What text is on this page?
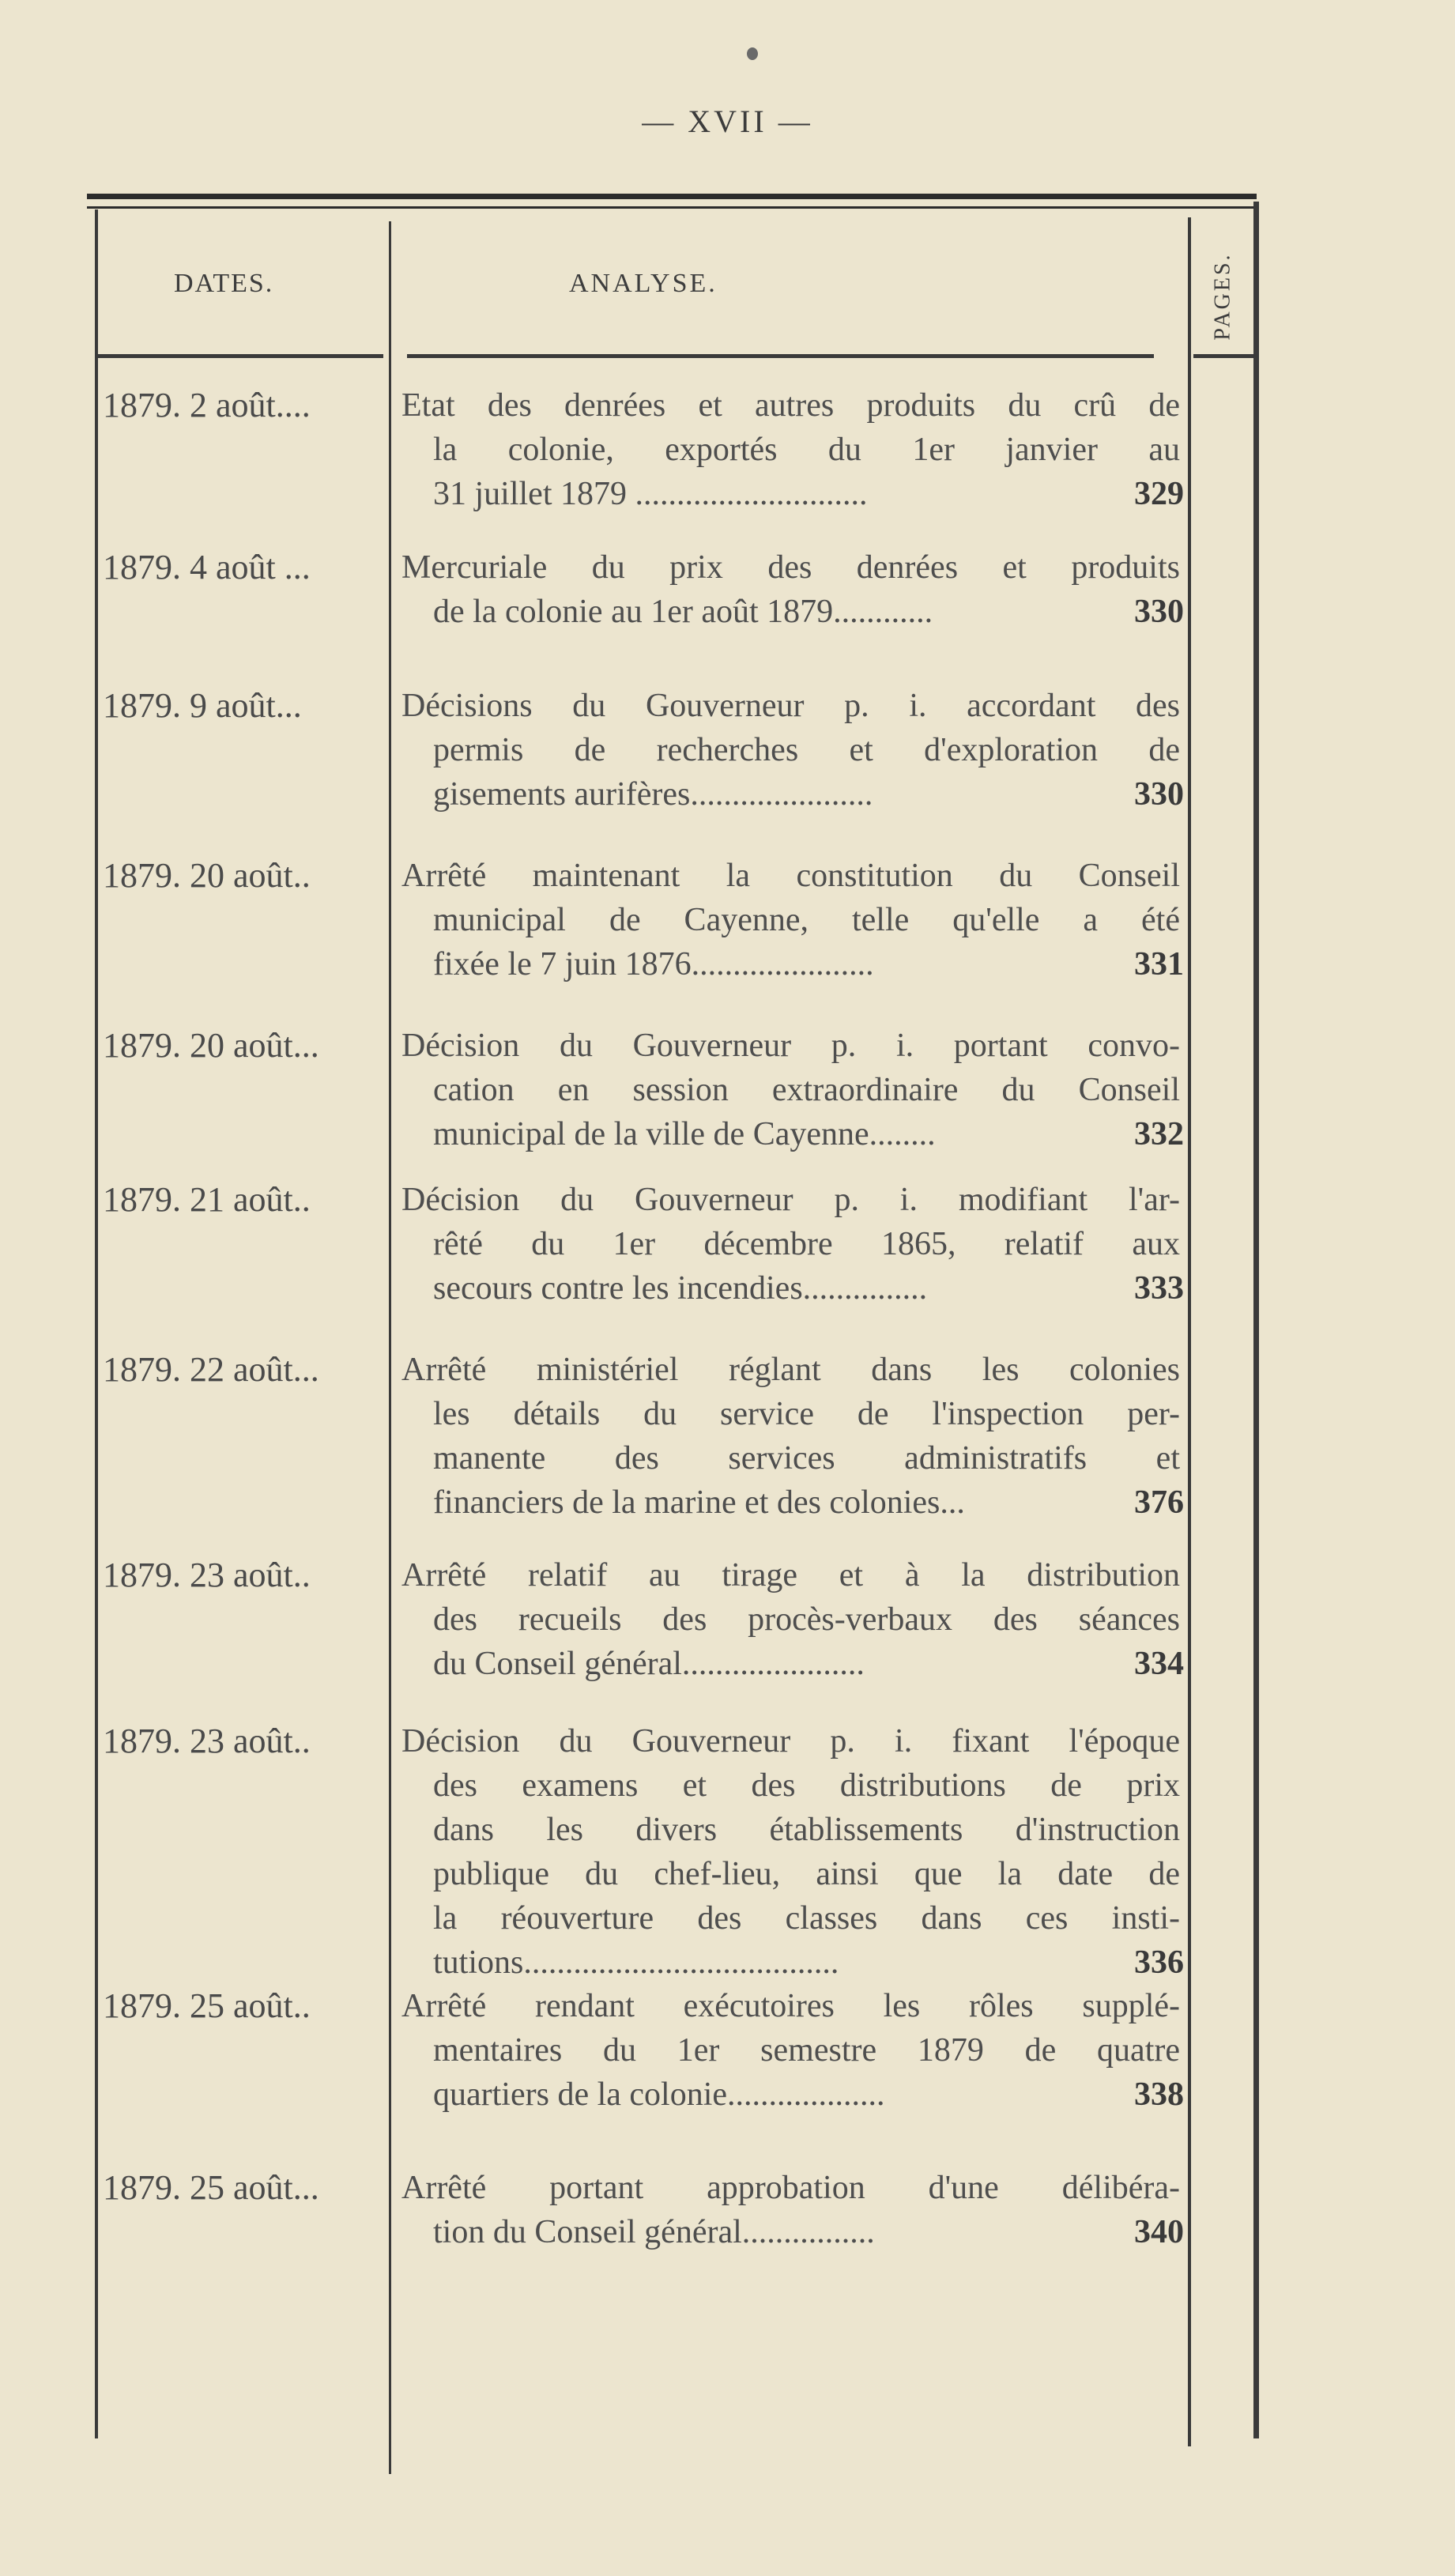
— XVII —
DATES.	ANALYSE.	PAGES.
1879. 2 août....	Etat des denrées et autres produits du crû de
la colonie, exportés du 1er janvier au
31 juillet 1879 ............................	329
1879. 4 août ...	Mercuriale du prix des denrées et produits
de la colonie au 1er août 1879............	330
1879. 9 août...	Décisions du Gouverneur p. i. accordant des
permis de recherches et d'exploration de
gisements aurifères......................	330
1879. 20 août..	Arrêté maintenant la constitution du Conseil
municipal de Cayenne, telle qu'elle a été
fixée le 7 juin 1876......................	331
1879. 20 août...	Décision du Gouverneur p. i. portant convo-
cation en session extraordinaire du Conseil
municipal de la ville de Cayenne........	332
1879. 21 août..	Décision du Gouverneur p. i. modifiant l'ar-
rêté du 1er décembre 1865, relatif aux
secours contre les incendies...............	333
1879. 22 août...	Arrêté ministériel réglant dans les colonies
les détails du service de l'inspection per-
manente des services administratifs et
financiers de la marine et des colonies...	376
1879. 23 août..	Arrêté relatif au tirage et à la distribution
des recueils des procès-verbaux des séances
du Conseil général......................	334
1879. 23 août..	Décision du Gouverneur p. i. fixant l'époque
des examens et des distributions de prix
dans les divers établissements d'instruction
publique du chef-lieu, ainsi que la date de
la réouverture des classes dans ces insti-
tutions......................................	336
1879. 25 août..	Arrêté rendant exécutoires les rôles supplé-
mentaires du 1er semestre 1879 de quatre
quartiers de la colonie...................	338
1879. 25 août...	Arrêté portant approbation d'une délibéra-
tion du Conseil général................	340
